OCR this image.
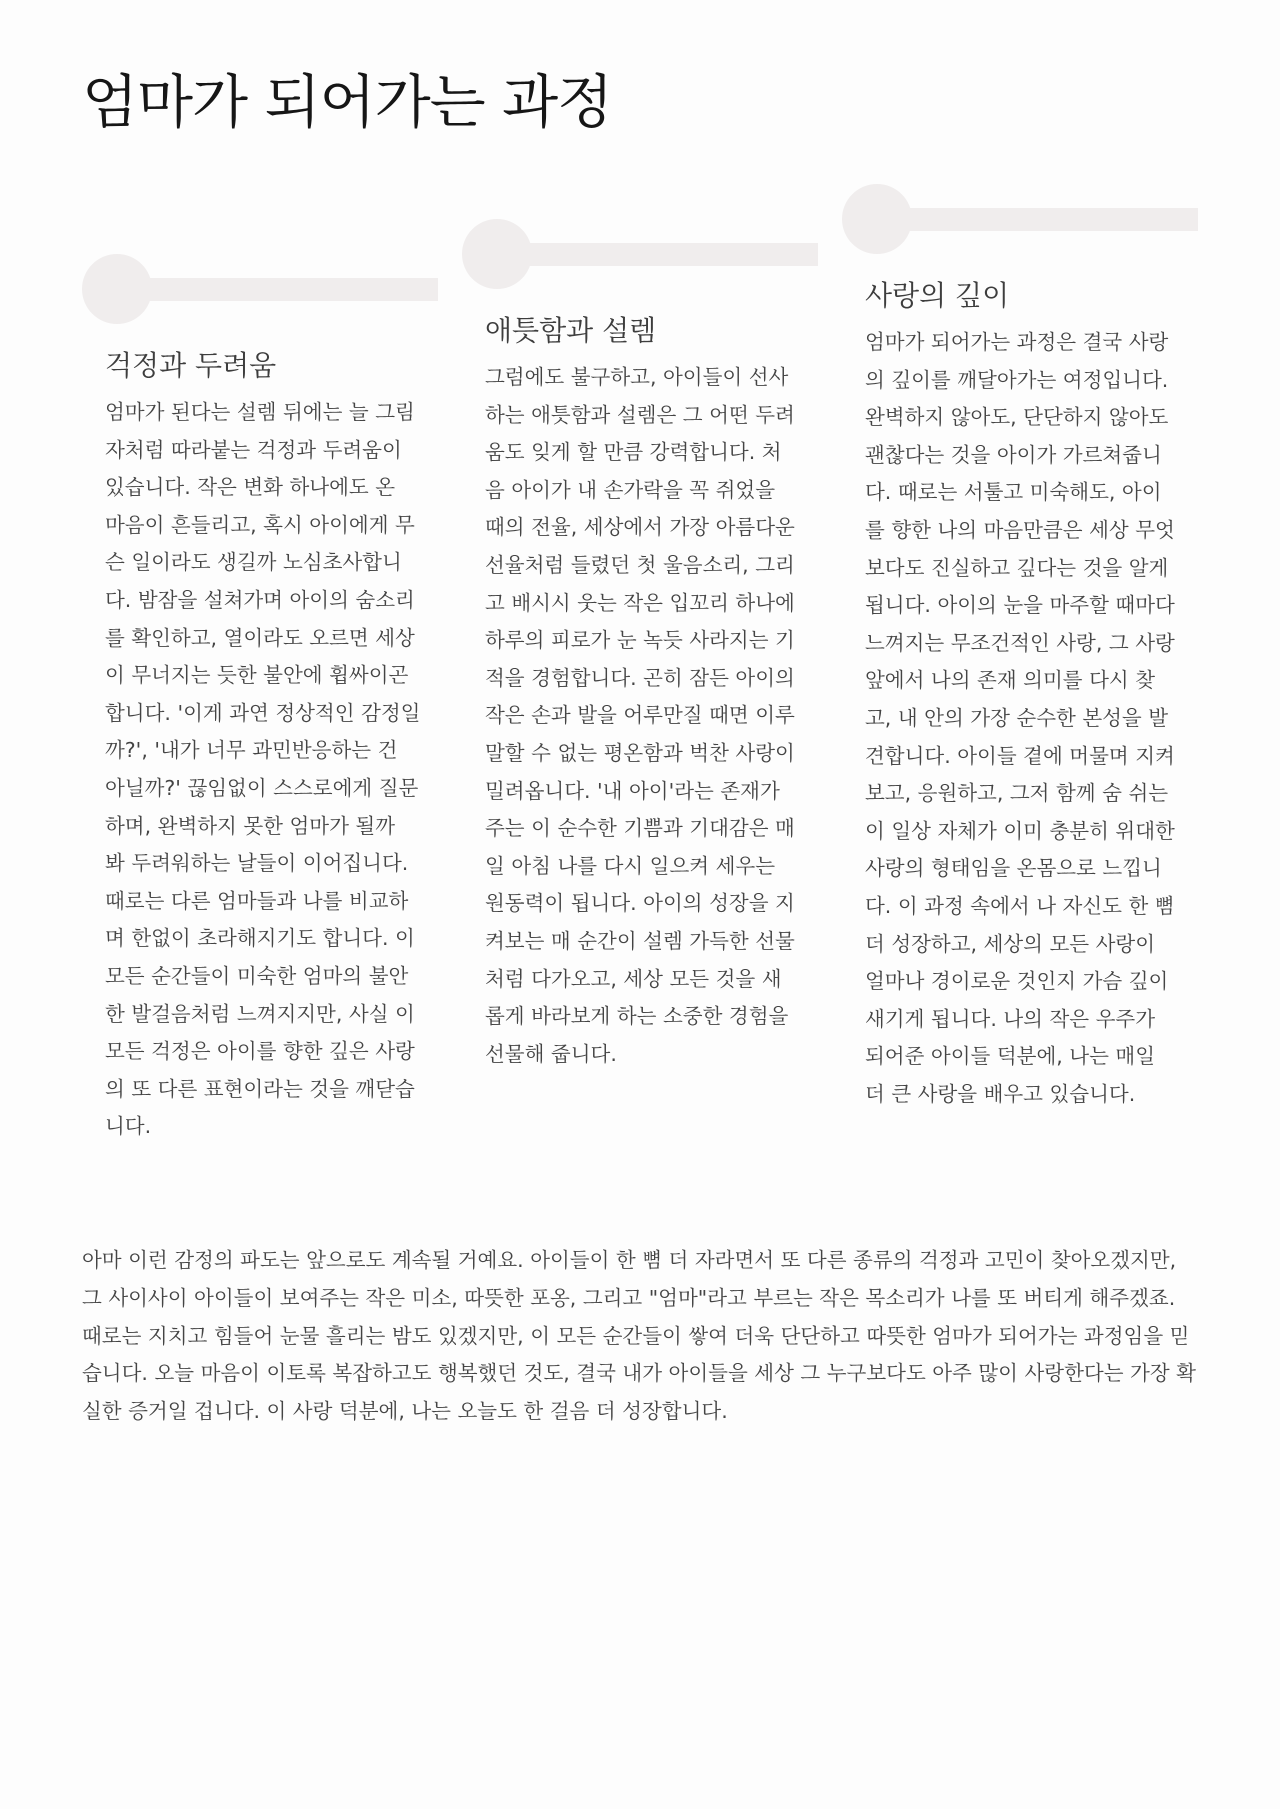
엄마가 되어가는 과정
걱정과 두려움

엄마가 된다는 설렘 뒤에는 늘 그림자처럼 따라붙는 걱정과 두려움이 있습니다. 작은 변화 하나에도 온 마음이 흔들리고, 혹시 아이에게 무슨 일이라도 생길까 노심초사합니다. 밤잠을 설쳐가며 아이의 숨소리를 확인하고, 열이라도 오르면 세상이 무너지는 듯한 불안에 휩싸이곤 합니다. '이게 과연 정상적인 감정일까?', '내가 너무 과민반응하는 건 아닐까?' 끊임없이 스스로에게 질문하며, 완벽하지 못한 엄마가 될까 봐 두려워하는 날들이 이어집니다. 때로는 다른 엄마들과 나를 비교하며 한없이 초라해지기도 합니다. 이 모든 순간들이 미숙한 엄마의 불안한 발걸음처럼 느껴지지만, 사실 이 모든 걱정은 아이를 향한 깊은 사랑의 또 다른 표현이라는 것을 깨닫습니다.

애틋함과 설렘

그럼에도 불구하고, 아이들이 선사하는 애틋함과 설렘은 그 어떤 두려움도 잊게 할 만큼 강력합니다. 처음 아이가 내 손가락을 꼭 쥐었을 때의 전율, 세상에서 가장 아름다운 선율처럼 들렸던 첫 울음소리, 그리고 배시시 웃는 작은 입꼬리 하나에 하루의 피로가 눈 녹듯 사라지는 기적을 경험합니다. 곤히 잠든 아이의 작은 손과 발을 어루만질 때면 이루 말할 수 없는 평온함과 벅찬 사랑이 밀려옵니다. '내 아이'라는 존재가 주는 이 순수한 기쁨과 기대감은 매일 아침 나를 다시 일으켜 세우는 원동력이 됩니다. 아이의 성장을 지켜보는 매 순간이 설렘 가득한 선물처럼 다가오고, 세상 모든 것을 새롭게 바라보게 하는 소중한 경험을 선물해 줍니다.

사랑의 깊이

엄마가 되어가는 과정은 결국 사랑의 깊이를 깨달아가는 여정입니다. 완벽하지 않아도, 단단하지 않아도 괜찮다는 것을 아이가 가르쳐줍니다. 때로는 서툴고 미숙해도, 아이를 향한 나의 마음만큼은 세상 무엇보다도 진실하고 깊다는 것을 알게 됩니다. 아이의 눈을 마주할 때마다 느껴지는 무조건적인 사랑, 그 사랑 앞에서 나의 존재 의미를 다시 찾고, 내 안의 가장 순수한 본성을 발견합니다. 아이들 곁에 머물며 지켜보고, 응원하고, 그저 함께 숨 쉬는 이 일상 자체가 이미 충분히 위대한 사랑의 형태임을 온몸으로 느낍니다. 이 과정 속에서 나 자신도 한 뼘 더 성장하고, 세상의 모든 사랑이 얼마나 경이로운 것인지 가슴 깊이 새기게 됩니다. 나의 작은 우주가 되어준 아이들 덕분에, 나는 매일 더 큰 사랑을 배우고 있습니다.

아마 이런 감정의 파도는 앞으로도 계속될 거예요. 아이들이 한 뼘 더 자라면서 또 다른 종류의 걱정과 고민이 찾아오겠지만, 그 사이사이 아이들이 보여주는 작은 미소, 따뜻한 포옹, 그리고 "엄마"라고 부르는 작은 목소리가 나를 또 버티게 해주겠죠. 때로는 지치고 힘들어 눈물 흘리는 밤도 있겠지만, 이 모든 순간들이 쌓여 더욱 단단하고 따뜻한 엄마가 되어가는 과정임을 믿습니다. 오늘 마음이 이토록 복잡하고도 행복했던 것도, 결국 내가 아이들을 세상 그 누구보다도 아주 많이 사랑한다는 가장 확실한 증거일 겁니다. 이 사랑 덕분에, 나는 오늘도 한 걸음 더 성장합니다.
